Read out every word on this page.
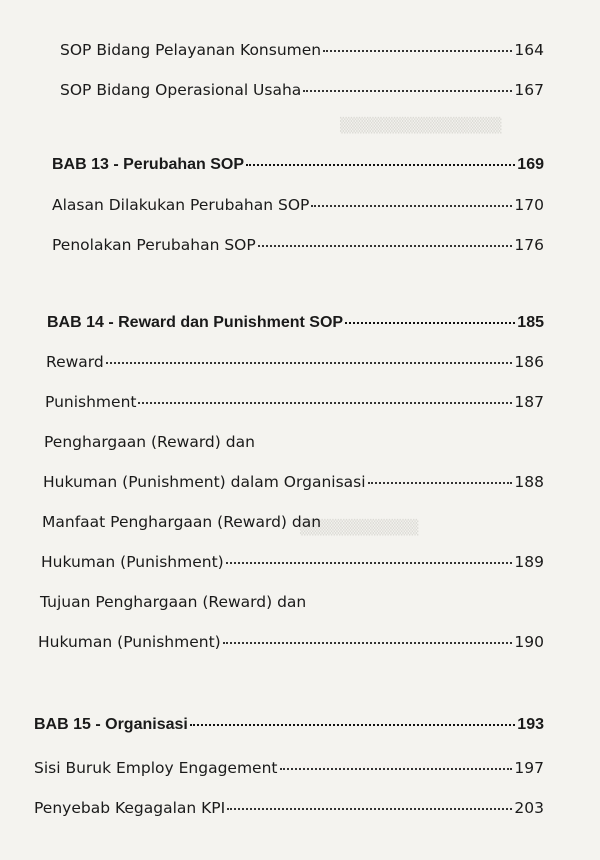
▒▒▒▒▒▒▒▒▒▒▒▒▒▒▒
▒▒▒▒▒▒▒▒▒▒▒
SOP Bidang Pelayanan Konsumen	164
SOP Bidang Operasional Usaha	167
BAB 13 - Perubahan SOP	169
Alasan Dilakukan Perubahan SOP	170
Penolakan Perubahan SOP	176
BAB 14 - Reward dan Punishment SOP	185
Reward	186
Punishment	187
Penghargaan (Reward) dan
Hukuman (Punishment) dalam Organisasi	188
Manfaat Penghargaan (Reward) dan
Hukuman (Punishment)	189
Tujuan Penghargaan (Reward) dan
Hukuman (Punishment)	190
BAB 15 - Organisasi	193
Sisi Buruk Employ Engagement	197
Penyebab Kegagalan KPI	203
